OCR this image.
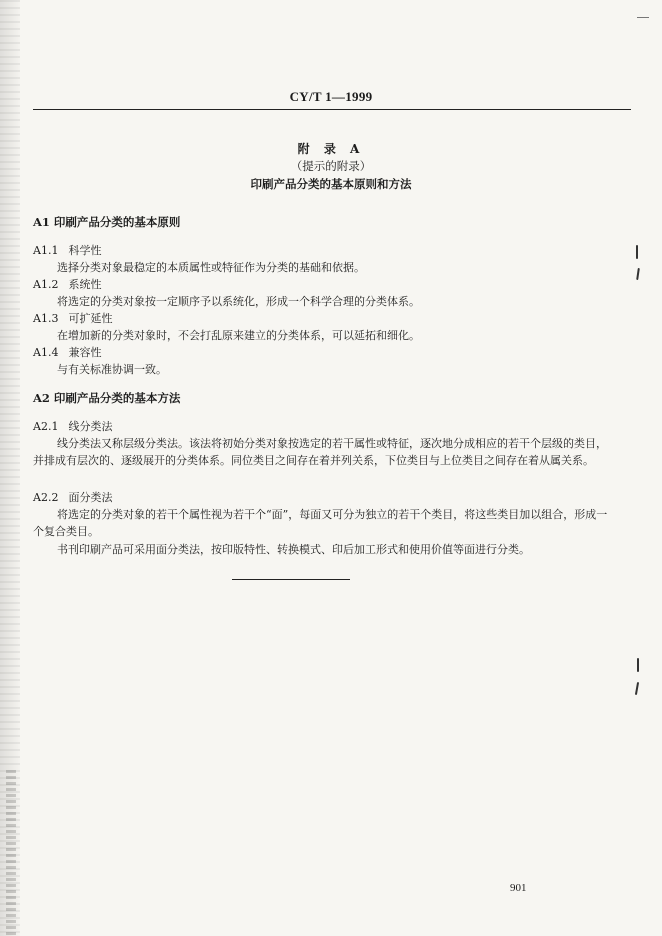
CY/T 1—1999
附 录 A
（提示的附录）
印刷产品分类的基本原则和方法
A1 印刷产品分类的基本原则
A1.1 科学性
选择分类对象最稳定的本质属性或特征作为分类的基础和依据。
A1.2 系统性
将选定的分类对象按一定顺序予以系统化，形成一个科学合理的分类体系。
A1.3 可扩延性
在增加新的分类对象时，不会打乱原来建立的分类体系，可以延拓和细化。
A1.4 兼容性
与有关标准协调一致。
A2 印刷产品分类的基本方法
A2.1 线分类法
线分类法又称层级分类法。该法将初始分类对象按选定的若干属性或特征，逐次地分成相应的若干个层级的类目，并排成有层次的、逐级展开的分类体系。同位类目之间存在着并列关系，下位类目与上位类目之间存在着从属关系。
A2.2 面分类法
将选定的分类对象的若干个属性视为若干个“面”，每面又可分为独立的若干个类目，将这些类目加以组合，形成一个复合类目。
书刊印刷产品可采用面分类法，按印版特性、转换模式、印后加工形式和使用价值等面进行分类。
901
